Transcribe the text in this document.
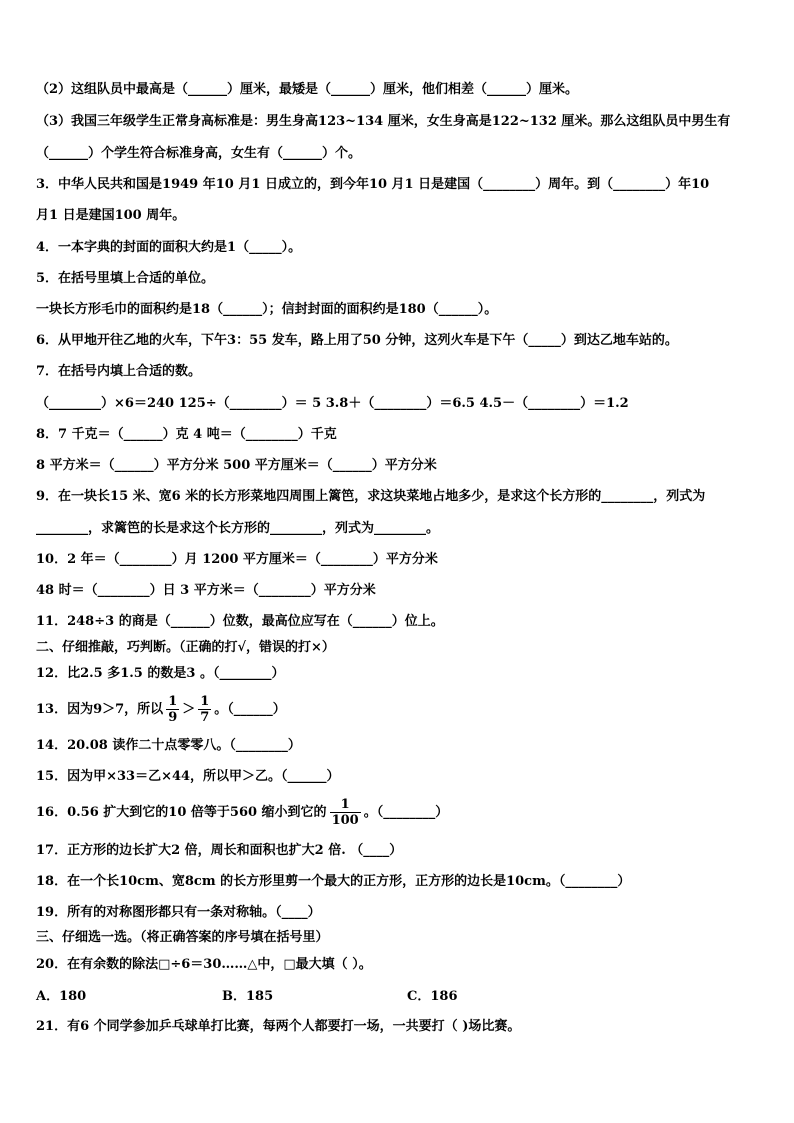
（2）这组队员中最高是（______）厘米，最矮是（______）厘米，他们相差（______）厘米。
（3）我国三年级学生正常身高标准是：男生身高123~134 厘米，女生身高是122~132 厘米。那么这组队员中男生有
（______）个学生符合标准身高，女生有（______）个。
3．中华人民共和国是1949 年10 月1 日成立的，到今年10 月1 日是建国（________）周年。到（________）年10
月1 日是建国100 周年。
4．一本字典的封面的面积大约是1（_____）。
5．在括号里填上合适的单位。
一块长方形毛巾的面积约是18（______）；信封封面的面积约是180（______）。
6．从甲地开往乙地的火车，下午3：55 发车，路上用了50 分钟，这列火车是下午（_____）到达乙地车站的。
7．在括号内填上合适的数。
（________）×6＝240 125÷（________）＝ 5 3.8＋（________）＝6.5 4.5－（________）＝1.2
8．7 千克＝（______）克 4 吨＝（________）千克
8 平方米＝（______）平方分米 500 平方厘米＝（______）平方分米
9．在一块长15 米、宽6 米的长方形菜地四周围上篱笆，求这块菜地占地多少，是求这个长方形的________，列式为
________，求篱笆的长是求这个长方形的________，列式为________。
10．2 年＝（________）月 1200 平方厘米＝（________）平方分米
48 时＝（________）日 3 平方米＝（________）平方分米
11．248÷3 的商是（______）位数，最高位应写在（______）位上。
二、仔细推敲，巧判断。（正确的打√，错误的打×）
12．比2.5 多1.5 的数是3 。（________）
13．因为9＞7，所以 $\frac{1}{9} > \frac{1}{7}$ 。（______）
14．20.08 读作二十点零零八。（________）
15．因为甲×33＝乙×44，所以甲＞乙。（______）
16．0.56 扩大到它的10 倍等于560 缩小到它的 $\frac{1}{100}$ 。（________）
17．正方形的边长扩大2 倍，周长和面积也扩大2 倍. （____）
18．在一个长10cm、宽8cm 的长方形里剪一个最大的正方形，正方形的边长是10cm。（________）
19．所有的对称图形都只有一条对称轴。（____）
三、仔细选一选。（将正确答案的序号填在括号里）
20．在有余数的除法□÷6＝30……△中，□最大填（ ）。
A．180	B．185	C．186
21．有6 个同学参加乒乓球单打比赛，每两个人都要打一场，一共要打（ )场比赛。
